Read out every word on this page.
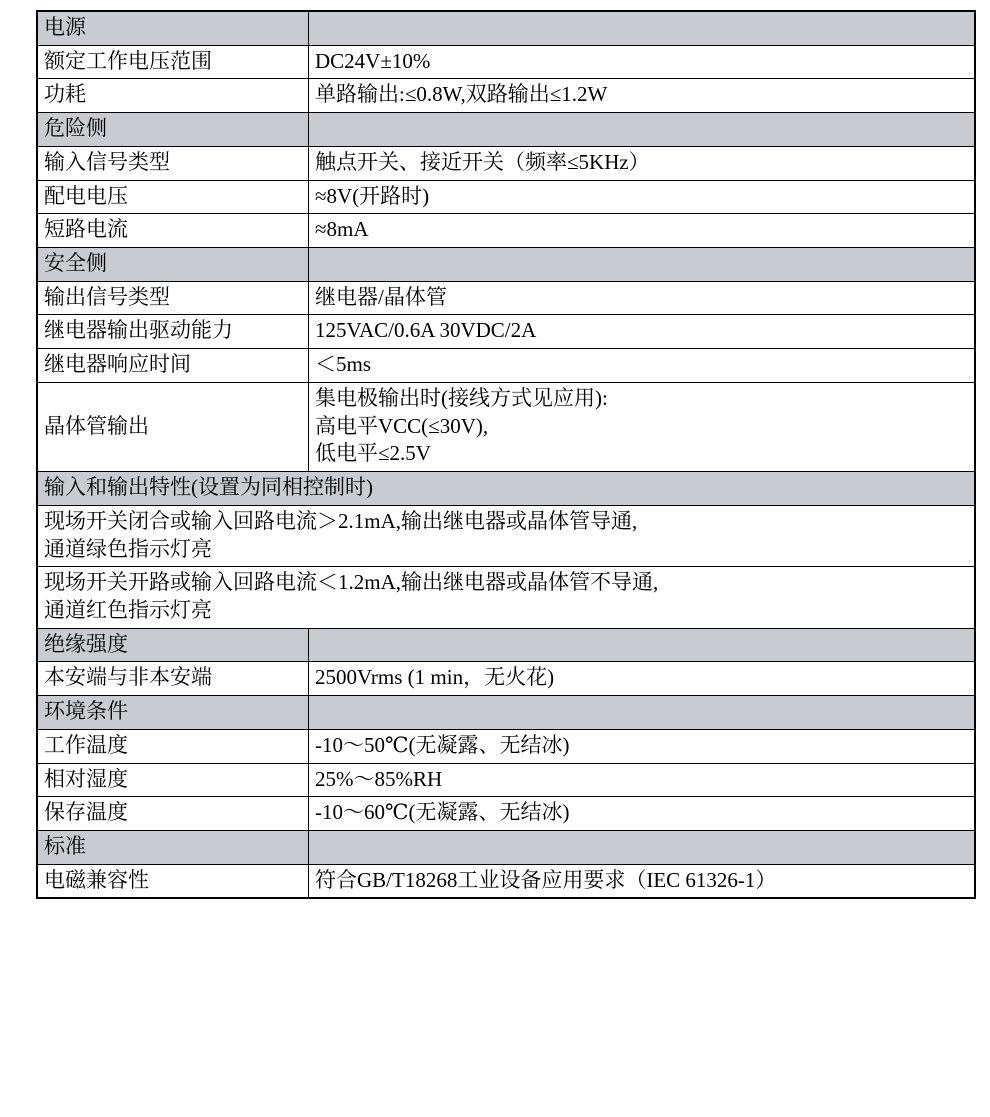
电源	
额定工作电压范围	DC24V±10%
功耗	单路输出:≤0.8W,双路输出≤1.2W
危险侧	
输入信号类型	触点开关、接近开关（频率≤5KHz）
配电电压	≈8V(开路时)
短路电流	≈8mA
安全侧	
输出信号类型	继电器/晶体管
继电器输出驱动能力	125VAC/0.6A 30VDC/2A
继电器响应时间	＜5ms
晶体管输出	集电极输出时(接线方式见应用):
高电平VCC(≤30V),
低电平≤2.5V

输入和输出特性(设置为同相控制时)	

现场开关闭合或输入回路电流＞2.1mA,输出继电器或晶体管导通,
通道绿色指示灯亮	

现场开关开路或输入回路电流＜1.2mA,输出继电器或晶体管不导通,
通道红色指示灯亮	

绝缘强度	
本安端与非本安端	2500Vrms (1 min，无火花)
环境条件	
工作温度	-10～50℃(无凝露、无结冰)
相对湿度	25%～85%RH
保存温度	-10～60℃(无凝露、无结冰)
标准	
电磁兼容性	符合GB/T18268工业设备应用要求（IEC 61326-1）
